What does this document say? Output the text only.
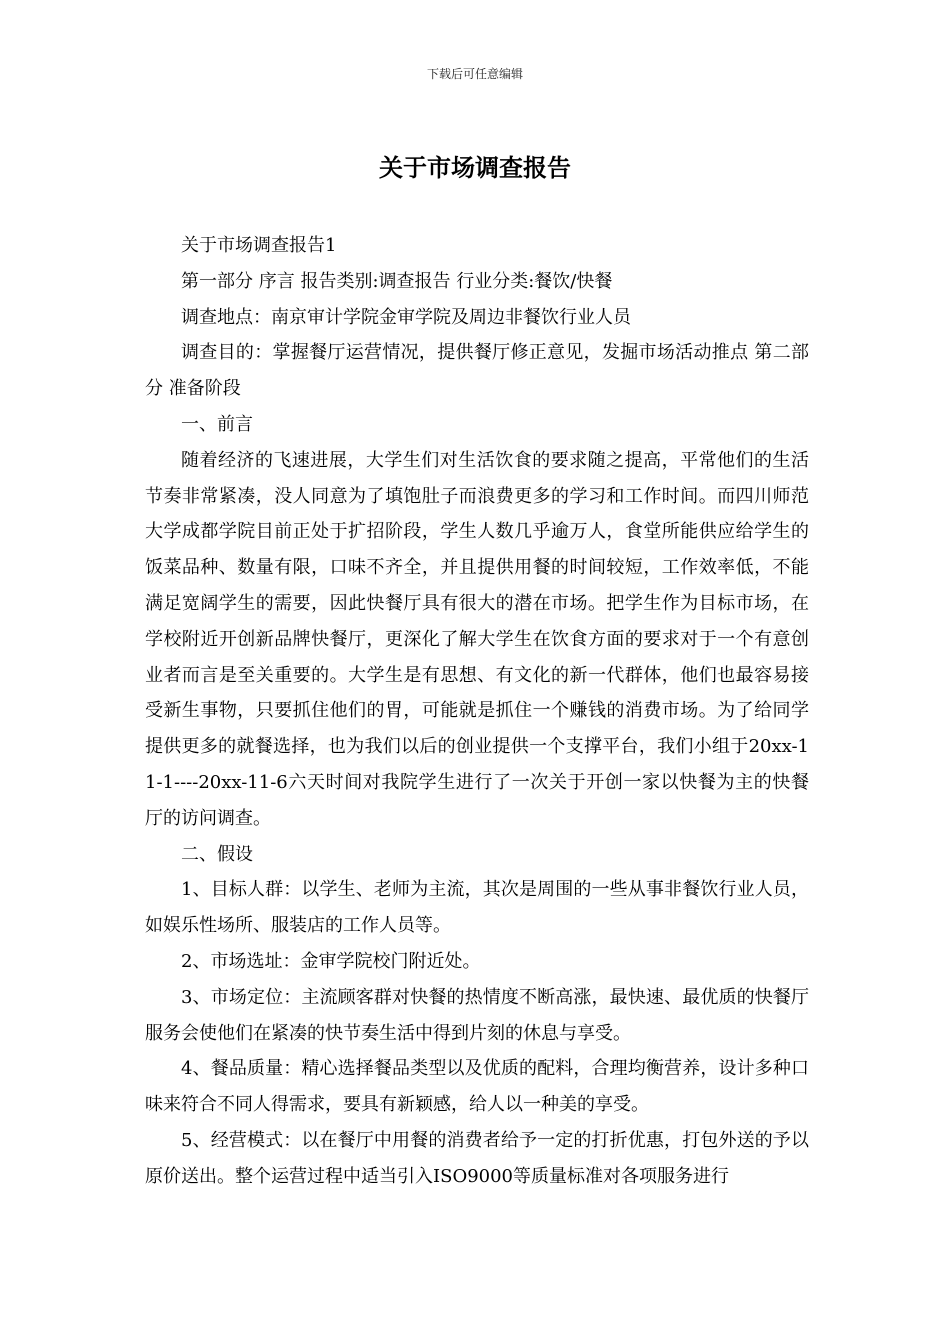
下载后可任意编辑
关于市场调查报告

关于市场调查报告1

第一部分 序言 报告类别:调查报告 行业分类:餐饮/快餐

调查地点：南京审计学院金审学院及周边非餐饮行业人员

调查目的：掌握餐厅运营情况，提供餐厅修正意见，发掘市场活动推点 第二部分 准备阶段

一、前言

随着经济的飞速进展，大学生们对生活饮食的要求随之提高，平常他们的生活节奏非常紧凑，没人同意为了填饱肚子而浪费更多的学习和工作时间。而四川师范大学成都学院目前正处于扩招阶段，学生人数几乎逾万人，食堂所能供应给学生的饭菜品种、数量有限，口味不齐全，并且提供用餐的时间较短，工作效率低，不能满足宽阔学生的需要，因此快餐厅具有很大的潜在市场。把学生作为目标市场，在学校附近开创新品牌快餐厅，更深化了解大学生在饮食方面的要求对于一个有意创业者而言是至关重要的。大学生是有思想、有文化的新一代群体，他们也最容易接受新生事物，只要抓住他们的胃，可能就是抓住一个赚钱的消费市场。为了给同学提供更多的就餐选择，也为我们以后的创业提供一个支撑平台，我们小组于20xx-11-1----20xx-11-6六天时间对我院学生进行了一次关于开创一家以快餐为主的快餐厅的访问调查。

二、假设

1、目标人群：以学生、老师为主流，其次是周围的一些从事非餐饮行业人员，如娱乐性场所、服装店的工作人员等。

2、市场选址：金审学院校门附近处。

3、市场定位：主流顾客群对快餐的热情度不断高涨，最快速、最优质的快餐厅服务会使他们在紧凑的快节奏生活中得到片刻的休息与享受。

4、餐品质量：精心选择餐品类型以及优质的配料，合理均衡营养，设计多种口味来符合不同人得需求，要具有新颖感，给人以一种美的享受。

5、经营模式：以在餐厅中用餐的消费者给予一定的打折优惠，打包外送的予以原价送出。整个运营过程中适当引入ISO9000等质量标准对各项服务进行
